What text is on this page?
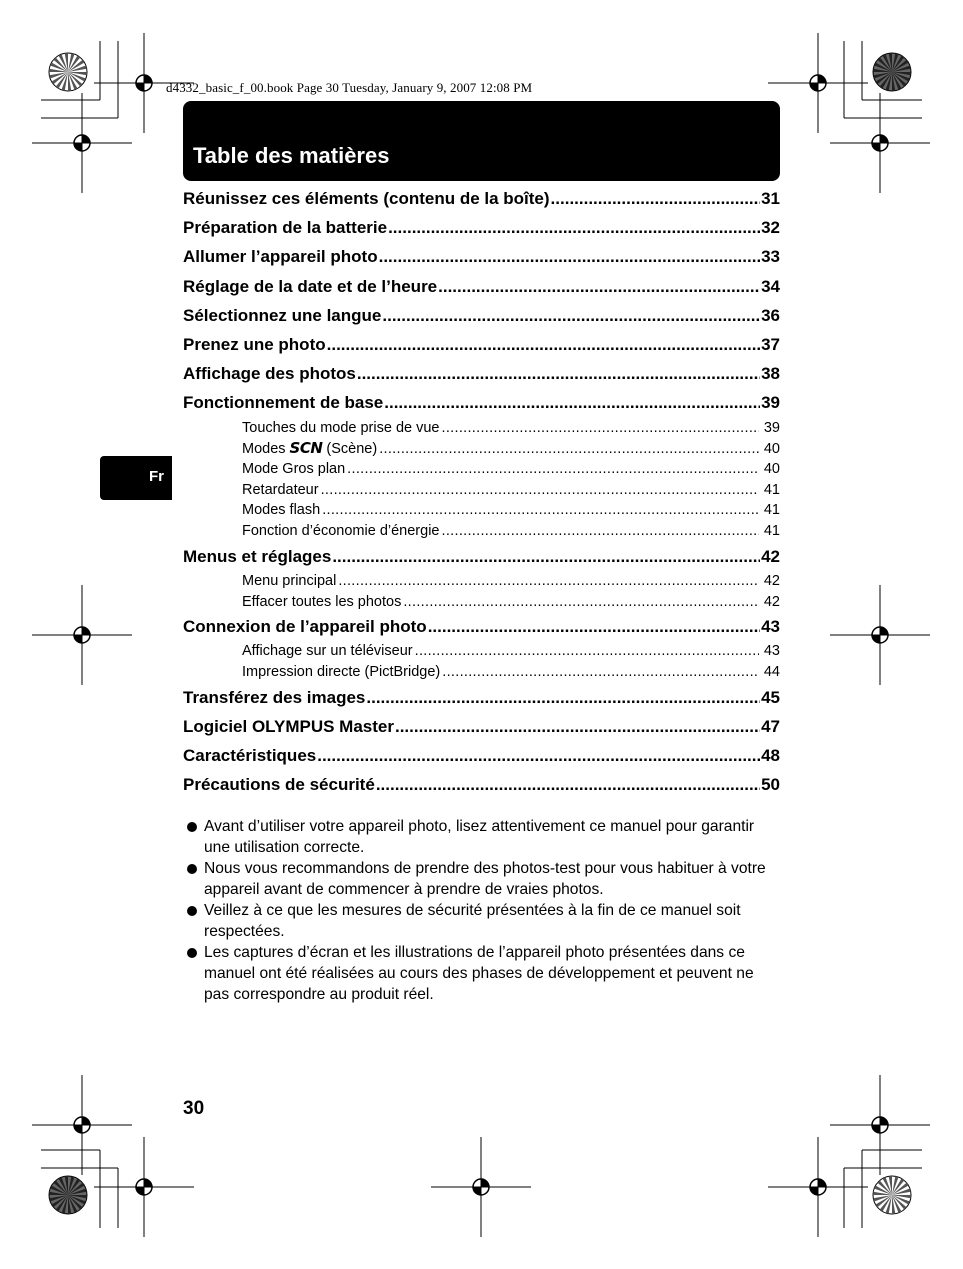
d4332_basic_f_00.book Page 30 Tuesday, January 9, 2007 12:08 PM
Table des matières
Fr
Réunissez ces éléments (contenu de la boîte) .....	31
Préparation de la batterie .....	32
Allumer l’appareil photo .....	33
Réglage de la date et de l’heure .....	34
Sélectionnez une langue .....	36
Prenez une photo .....	37
Affichage des photos .....	38
Fonctionnement de base .....	39
Touches du mode prise de vue .....	39
Modes SCN (Scène) .....	40
Mode Gros plan .....	40
Retardateur .....	41
Modes flash .....	41
Fonction d’économie d’énergie .....	41
Menus et réglages .....	42
Menu principal .....	42
Effacer toutes les photos .....	42
Connexion de l’appareil photo .....	43
Affichage sur un téléviseur .....	43
Impression directe (PictBridge) .....	44
Transférez des images .....	45
Logiciel OLYMPUS Master .....	47
Caractéristiques .....	48
Précautions de sécurité .....	50
Avant d’utiliser votre appareil photo, lisez attentivement ce manuel pour garantir une utilisation correcte.
Nous vous recommandons de prendre des photos-test pour vous habituer à votre appareil avant de commencer à prendre de vraies photos.
Veillez à ce que les mesures de sécurité présentées à la fin de ce manuel soit respectées.
Les captures d’écran et les illustrations de l’appareil photo présentées dans ce manuel ont été réalisées au cours des phases de développement et peuvent ne pas correspondre au produit réel.
30
